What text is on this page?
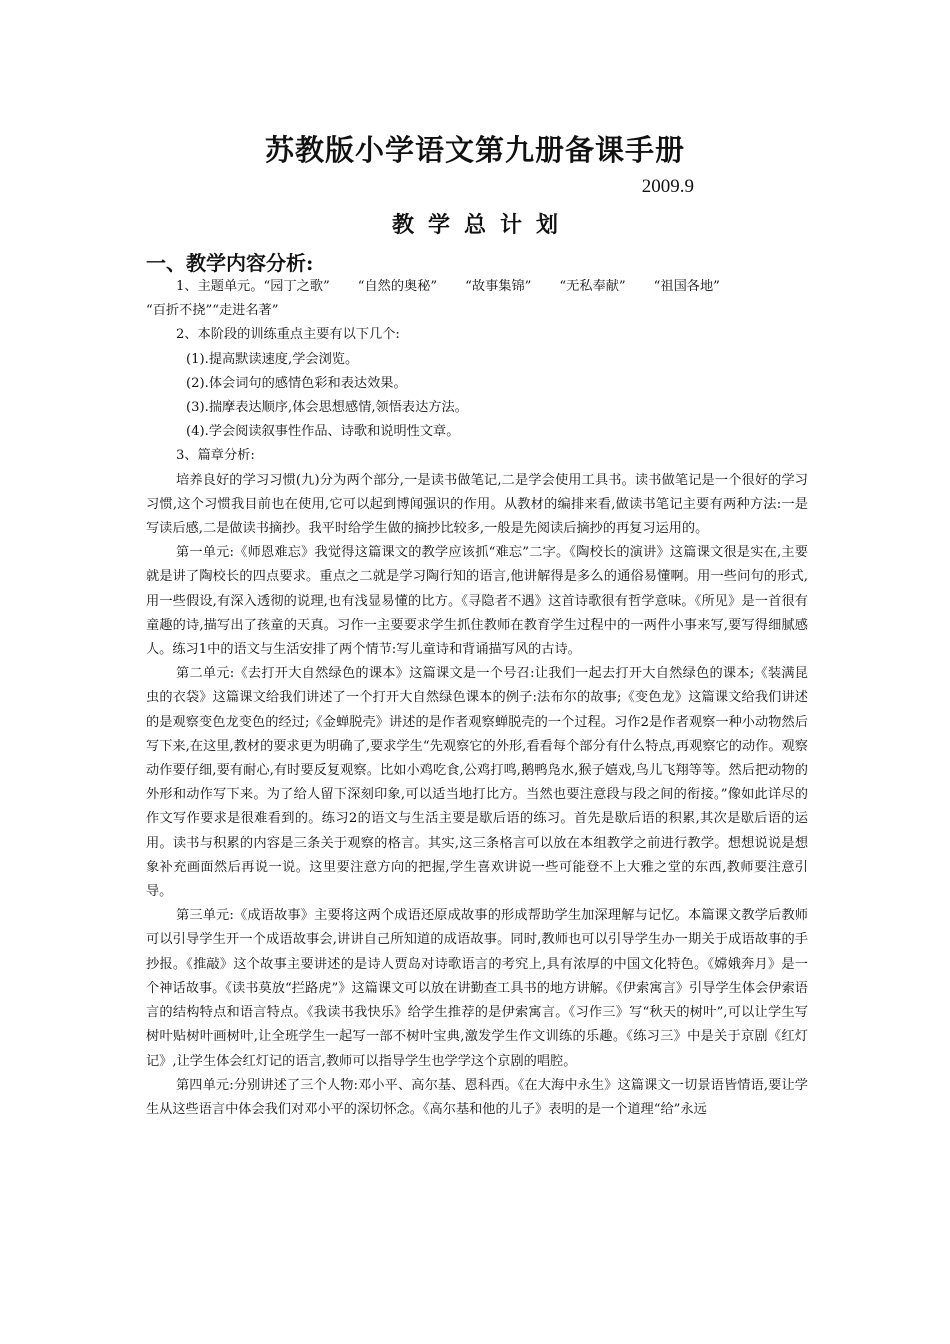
苏教版小学语文第九册备课手册
2009.9
教学总计划
一、教学内容分析:

1、主题单元。“园丁之歌” “自然的奥秘” “故事集锦” “无私奉献” “祖国各地”

“百折不挠”“走进名著”

2、本阶段的训练重点主要有以下几个:

(1).提高默读速度,学会浏览。

(2).体会词句的感情色彩和表达效果。

(3).揣摩表达顺序,体会思想感情,领悟表达方法。

(4).学会阅读叙事性作品、诗歌和说明性文章。

3、篇章分析:

培养良好的学习习惯(九)分为两个部分,一是读书做笔记,二是学会使用工具书。读书做笔记是一个很好的学习习惯,这个习惯我目前也在使用,它可以起到博闻强识的作用。从教材的编排来看,做读书笔记主要有两种方法:一是写读后感,二是做读书摘抄。我平时给学生做的摘抄比较多,一般是先阅读后摘抄的再复习运用的。

第一单元:《师恩难忘》我觉得这篇课文的教学应该抓“难忘”二字。《陶校长的演讲》这篇课文很是实在,主要就是讲了陶校长的四点要求。重点之二就是学习陶行知的语言,他讲解得是多么的通俗易懂啊。用一些问句的形式,用一些假设,有深入透彻的说理,也有浅显易懂的比方。《寻隐者不遇》这首诗歌很有哲学意味。《所见》是一首很有童趣的诗,描写出了孩童的天真。习作一主要要求学生抓住教师在教育学生过程中的一两件小事来写,要写得细腻感人。练习1中的语文与生活安排了两个情节:写儿童诗和背诵描写风的古诗。

第二单元:《去打开大自然绿色的课本》这篇课文是一个号召:让我们一起去打开大自然绿色的课本;《装满昆虫的衣袋》这篇课文给我们讲述了一个打开大自然绿色课本的例子:法布尔的故事;《变色龙》这篇课文给我们讲述的是观察变色龙变色的经过;《金蝉脱壳》讲述的是作者观察蝉脱壳的一个过程。习作2是作者观察一种小动物然后写下来,在这里,教材的要求更为明确了,要求学生“先观察它的外形,看看每个部分有什么特点,再观察它的动作。观察动作要仔细,要有耐心,有时要反复观察。比如小鸡吃食,公鸡打鸣,鹅鸭凫水,猴子嬉戏,鸟儿飞翔等等。然后把动物的外形和动作写下来。为了给人留下深刻印象,可以适当地打比方。当然也要注意段与段之间的衔接。”像如此详尽的作文写作要求是很难看到的。练习2的语文与生活主要是歇后语的练习。首先是歇后语的积累,其次是歇后语的运用。读书与积累的内容是三条关于观察的格言。其实,这三条格言可以放在本组教学之前进行教学。想想说说是想象补充画面然后再说一说。这里要注意方向的把握,学生喜欢讲说一些可能登不上大雅之堂的东西,教师要注意引导。

第三单元:《成语故事》主要将这两个成语还原成故事的形成帮助学生加深理解与记忆。本篇课文教学后教师可以引导学生开一个成语故事会,讲讲自己所知道的成语故事。同时,教师也可以引导学生办一期关于成语故事的手抄报。《推敲》这个故事主要讲述的是诗人贾岛对诗歌语言的考究上,具有浓厚的中国文化特色。《嫦娥奔月》是一个神话故事。《读书莫放“拦路虎”》这篇课文可以放在讲勤查工具书的地方讲解。《伊索寓言》引导学生体会伊索语言的结构特点和语言特点。《我读书我快乐》给学生推荐的是伊索寓言。《习作三》写“秋天的树叶”,可以让学生写树叶贴树叶画树叶,让全班学生一起写一部不树叶宝典,激发学生作文训练的乐趣。《练习三》中是关于京剧《红灯记》,让学生体会红灯记的语言,教师可以指导学生也学学这个京剧的唱腔。

第四单元:分别讲述了三个人物:邓小平、高尔基、恩科西。《在大海中永生》这篇课文一切景语皆情语,要让学生从这些语言中体会我们对邓小平的深切怀念。《高尔基和他的儿子》表明的是一个道理“给”永远
